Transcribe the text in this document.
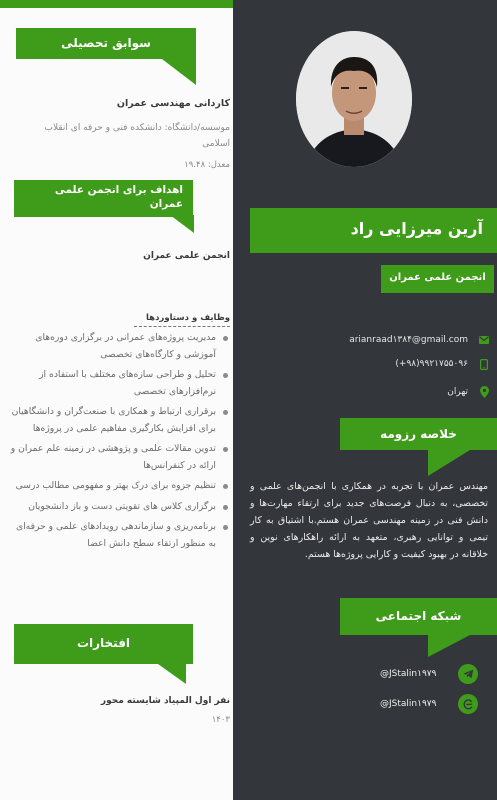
سوابق تحصیلی
کاردانی مهندسی عمران
موسسه/دانشگاه: دانشکده فنی و حرفه ای انقلاب اسلامی
معدل: ۱۹.۴۸
اهداف برای انجمن علمی عمران
انجمن علمی عمران
وظایف و دستاوردها
مدیریت پروژه‌های عمرانی در برگزاری دوره‌های آموزشی و کارگاه‌های تخصصی
تحلیل و طراحی سازه‌های مختلف با استفاده از نرم‌افزارهای تخصصی
برقراری ارتباط و همکاری با صنعت‌گران و دانشگاهیان برای افزایش بکارگیری مفاهیم علمی در پروژه‌ها
تدوین مقالات علمی و پژوهشی در زمینه علم عمران و ارائه در کنفرانس‌ها
تنظیم جزوه برای درک بهتر و مفهومی مطالب درسی
برگزاری کلاس های تقویتی دست و باز دانشجویان
برنامه‌ریزی و سازماندهی رویدادهای علمی و حرفه‌ای به منظور ارتقاء سطح دانش اعضا
افتخارات
نفر اول المپیاد شایسته محور
۱۴۰۳
آرین میرزایی راد
انجمن علمی عمران
arianraad۱۳۸۴@gmail.com
(+۹۸)۹۹۲۱۷۵۵۰۹۶
تهران
خلاصه رزومه
مهندس عمران با تجربه در همکاری با انجمن‌های علمی و تخصصی، به دنبال فرصت‌های جدید برای ارتقاء مهارت‌ها و دانش فنی در زمینه مهندسی عمران هستم.با اشتیاق به کار تیمی و توانایی رهبری، متعهد به ارائه راهکارهای نوین و خلاقانه در بهبود کیفیت و کارایی پروژه‌ها هستم.
شبکه اجتماعی
@JStalin۱۹۷۹
@JStalin۱۹۷۹
